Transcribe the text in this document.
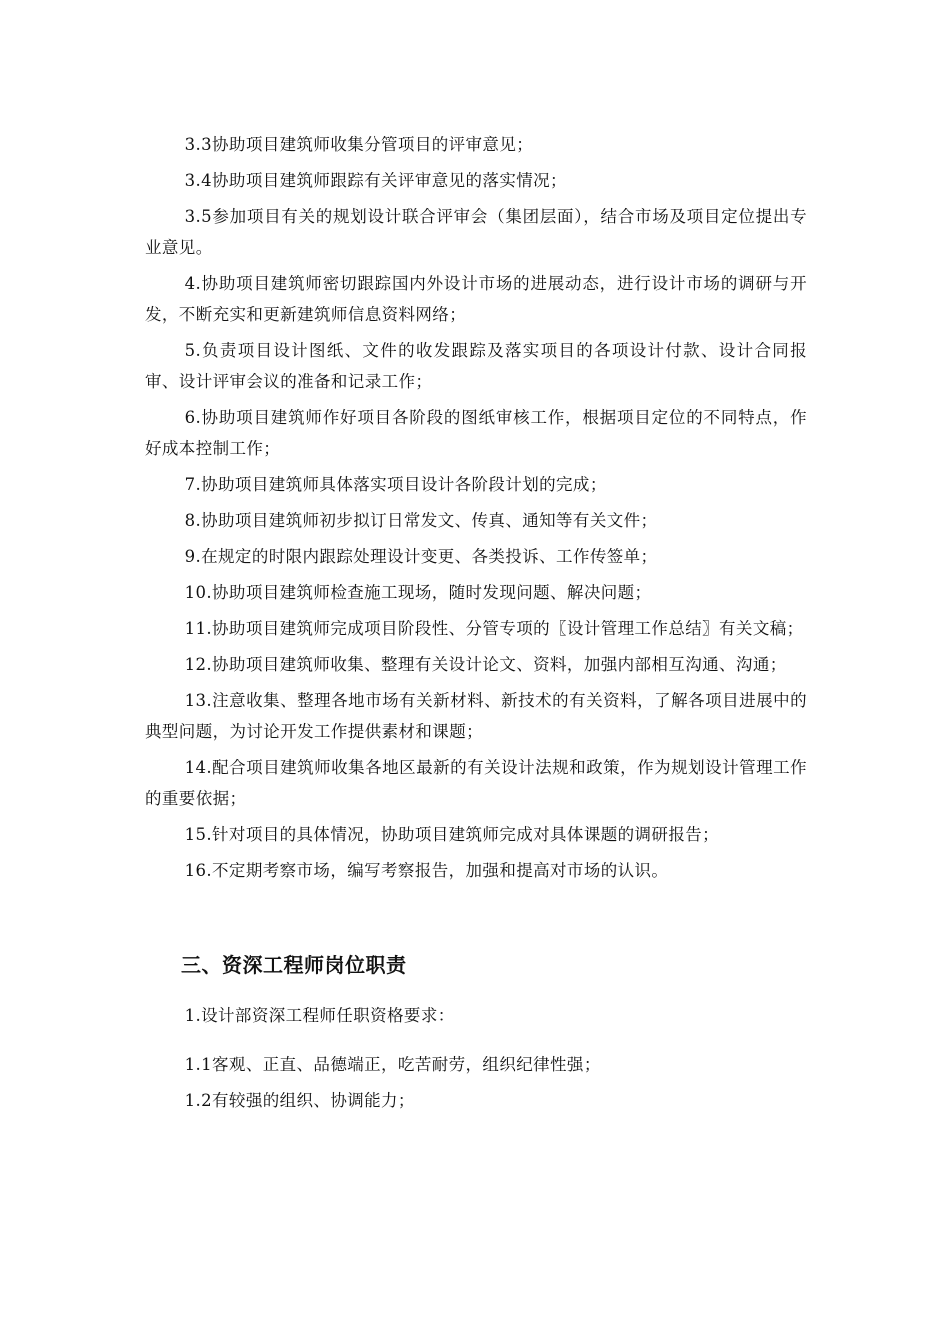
3.3协助项目建筑师收集分管项目的评审意见；

3.4协助项目建筑师跟踪有关评审意见的落实情况；

3.5参加项目有关的规划设计联合评审会（集团层面），结合市场及项目定位提出专业意见。

4.协助项目建筑师密切跟踪国内外设计市场的进展动态，进行设计市场的调研与开发，不断充实和更新建筑师信息资料网络；

5.负责项目设计图纸、文件的收发跟踪及落实项目的各项设计付款、设计合同报审、设计评审会议的准备和记录工作；

6.协助项目建筑师作好项目各阶段的图纸审核工作，根据项目定位的不同特点，作好成本控制工作；

7.协助项目建筑师具体落实项目设计各阶段计划的完成；

8.协助项目建筑师初步拟订日常发文、传真、通知等有关文件；

9.在规定的时限内跟踪处理设计变更、各类投诉、工作传签单；

10.协助项目建筑师检查施工现场，随时发现问题、解决问题；

11.协助项目建筑师完成项目阶段性、分管专项的〖设计管理工作总结〗有关文稿；

12.协助项目建筑师收集、整理有关设计论文、资料，加强内部相互沟通、沟通；

13.注意收集、整理各地市场有关新材料、新技术的有关资料，了解各项目进展中的典型问题，为讨论开发工作提供素材和课题；

14.配合项目建筑师收集各地区最新的有关设计法规和政策，作为规划设计管理工作的重要依据；

15.针对项目的具体情况，协助项目建筑师完成对具体课题的调研报告；

16.不定期考察市场，编写考察报告，加强和提高对市场的认识。

三、资深工程师岗位职责

1.设计部资深工程师任职资格要求：

1.1客观、正直、品德端正，吃苦耐劳，组织纪律性强；

1.2有较强的组织、协调能力；
